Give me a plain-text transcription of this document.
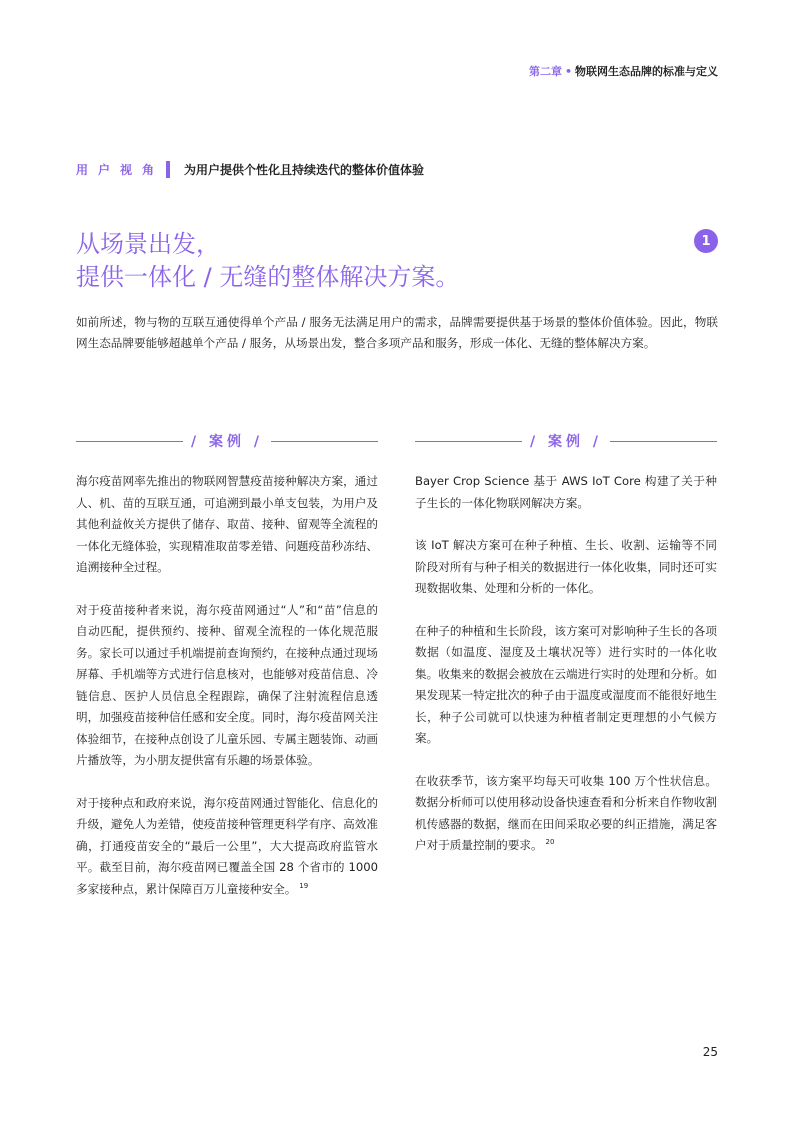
第二章 • 物联网生态品牌的标准与定义
用户视角 为用户提供个性化且持续迭代的整体价值体验
从场景出发，
提供一体化 / 无缝的整体解决方案。
1

如前所述，物与物的互联互通使得单个产品 / 服务无法满足用户的需求，品牌需要提供基于场景的整体价值体验。因此，物联网生态品牌要能够超越单个产品 / 服务，从场景出发，整合多项产品和服务，形成一体化、无缝的整体解决方案。

/ 案例 /	/ 案例 /

海尔疫苗网率先推出的物联网智慧疫苗接种解决方案，通过人、机、苗的互联互通，可追溯到最小单支包装，为用户及其他利益攸关方提供了储存、取苗、接种、留观等全流程的一体化无缝体验，实现精准取苗零差错、问题疫苗秒冻结、追溯接种全过程。

对于疫苗接种者来说，海尔疫苗网通过“人”和“苗”信息的自动匹配，提供预约、接种、留观全流程的一体化规范服务。家长可以通过手机端提前查询预约，在接种点通过现场屏幕、手机端等方式进行信息核对，也能够对疫苗信息、冷链信息、医护人员信息全程跟踪，确保了注射流程信息透明，加强疫苗接种信任感和安全度。同时，海尔疫苗网关注体验细节，在接种点创设了儿童乐园、专属主题装饰、动画片播放等，为小朋友提供富有乐趣的场景体验。

对于接种点和政府来说，海尔疫苗网通过智能化、信息化的升级，避免人为差错，使疫苗接种管理更科学有序、高效准确，打通疫苗安全的“最后一公里”，大大提高政府监管水平。截至目前，海尔疫苗网已覆盖全国 28 个省市的 1000 多家接种点，累计保障百万儿童接种安全。 $^{19}$

Bayer Crop Science 基于 AWS IoT Core 构建了关于种子生长的一体化物联网解决方案。

该 IoT 解决方案可在种子种植、生长、收割、运输等不同阶段对所有与种子相关的数据进行一体化收集，同时还可实现数据收集、处理和分析的一体化。

在种子的种植和生长阶段，该方案可对影响种子生长的各项数据（如温度、湿度及土壤状况等）进行实时的一体化收集。收集来的数据会被放在云端进行实时的处理和分析。如果发现某一特定批次的种子由于温度或湿度而不能很好地生长，种子公司就可以快速为种植者制定更理想的小气候方案。

在收获季节，该方案平均每天可收集 100 万个性状信息。数据分析师可以使用移动设备快速查看和分析来自作物收割机传感器的数据，继而在田间采取必要的纠正措施，满足客户对于质量控制的要求。 $^{20}$

25
